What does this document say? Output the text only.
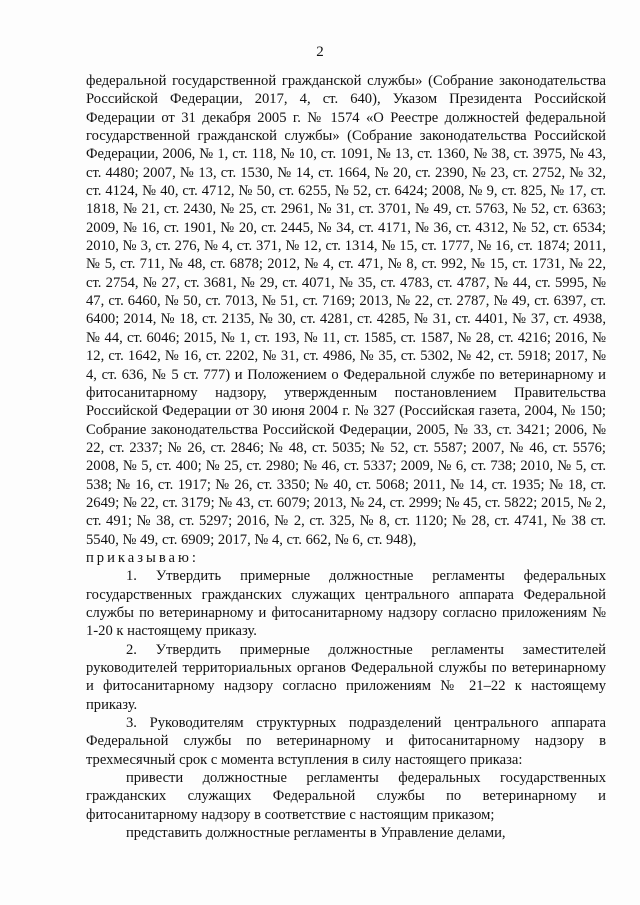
2

федеральной государственной гражданской службы» (Собрание законодательства Российской Федерации, 2017, 4, ст. 640), Указом Президента Российской Федерации от 31 декабря 2005 г. № 1574 «О Реестре должностей федеральной государственной гражданской службы» (Собрание законодательства Российской Федерации, 2006, № 1, ст. 118, № 10, ст. 1091, № 13, ст. 1360, № 38, ст. 3975, № 43, ст. 4480; 2007, № 13, ст. 1530, № 14, ст. 1664, № 20, ст. 2390, № 23, ст. 2752, № 32, ст. 4124, № 40, ст. 4712, № 50, ст. 6255, № 52, ст. 6424; 2008, № 9, ст. 825, № 17, ст. 1818, № 21, ст. 2430, № 25, ст. 2961, № 31, ст. 3701, № 49, ст. 5763, № 52, ст. 6363; 2009, № 16, ст. 1901, № 20, ст. 2445, № 34, ст. 4171, № 36, ст. 4312, № 52, ст. 6534; 2010, № 3, ст. 276, № 4, ст. 371, № 12, ст. 1314, № 15, ст. 1777, № 16, ст. 1874; 2011, № 5, ст. 711, № 48, ст. 6878; 2012, № 4, ст. 471, № 8, ст. 992, № 15, ст. 1731, № 22, ст. 2754, № 27, ст. 3681, № 29, ст. 4071, № 35, ст. 4783, ст. 4787, № 44, ст. 5995, № 47, ст. 6460, № 50, ст. 7013, № 51, ст. 7169; 2013, № 22, ст. 2787, № 49, ст. 6397, ст. 6400; 2014, № 18, ст. 2135, № 30, ст. 4281, ст. 4285, № 31, ст. 4401, № 37, ст. 4938, № 44, ст. 6046; 2015, № 1, ст. 193, № 11, ст. 1585, ст. 1587, № 28, ст. 4216; 2016, № 12, ст. 1642, № 16, ст. 2202, № 31, ст. 4986, № 35, ст. 5302, № 42, ст. 5918; 2017, № 4, ст. 636, № 5 ст. 777) и Положением о Федеральной службе по ветеринарному и фитосанитарному надзору, утвержденным постановлением Правительства Российской Федерации от 30 июня 2004 г. № 327 (Российская газета, 2004, № 150; Собрание законодательства Российской Федерации, 2005, № 33, ст. 3421; 2006, № 22, ст. 2337; № 26, ст. 2846; № 48, ст. 5035; № 52, ст. 5587; 2007, № 46, ст. 5576; 2008, № 5, ст. 400; № 25, ст. 2980; № 46, ст. 5337; 2009, № 6, ст. 738; 2010, № 5, ст. 538; № 16, ст. 1917; № 26, ст. 3350; № 40, ст. 5068; 2011, № 14, ст. 1935; № 18, ст. 2649; № 22, ст. 3179; № 43, ст. 6079; 2013, № 24, ст. 2999; № 45, ст. 5822; 2015, № 2, ст. 491; № 38, ст. 5297; 2016, № 2, ст. 325, № 8, ст. 1120; № 28, ст. 4741, № 38 ст. 5540, № 49, ст. 6909; 2017, № 4, ст. 662, № 6, ст. 948),

приказываю:

1. Утвердить примерные должностные регламенты федеральных государственных гражданских служащих центрального аппарата Федеральной службы по ветеринарному и фитосанитарному надзору согласно приложениям № 1-20 к настоящему приказу.

2. Утвердить примерные должностные регламенты заместителей руководителей территориальных органов Федеральной службы по ветеринарному и фитосанитарному надзору согласно приложениям № 21–22 к настоящему приказу.

3. Руководителям структурных подразделений центрального аппарата Федеральной службы по ветеринарному и фитосанитарному надзору в трехмесячный срок с момента вступления в силу настоящего приказа:

привести должностные регламенты федеральных государственных гражданских служащих Федеральной службы по ветеринарному и фитосанитарному надзору в соответствие с настоящим приказом;

представить должностные регламенты в Управление делами,
